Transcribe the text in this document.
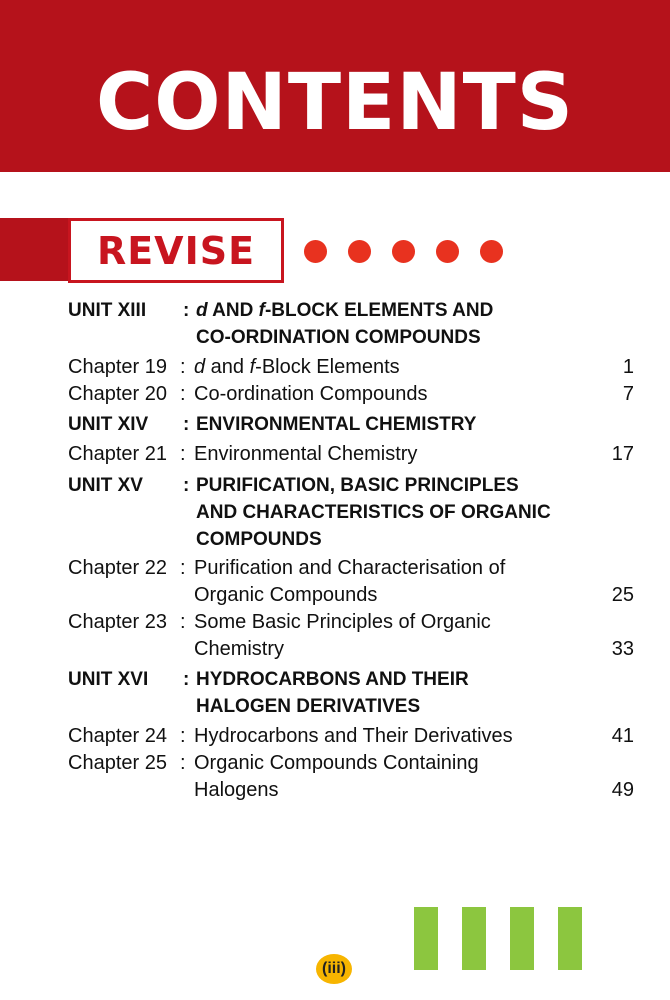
CONTENTS
REVISE
UNIT XIII : d AND f-BLOCK ELEMENTS AND
CO-ORDINATION COMPOUNDS
Chapter 19 : d and f-Block Elements	1
Chapter 20 : Co-ordination Compounds	7
UNIT XIV : ENVIRONMENTAL CHEMISTRY
Chapter 21 : Environmental Chemistry	17
UNIT XV : PURIFICATION, BASIC PRINCIPLES
AND CHARACTERISTICS OF ORGANIC
COMPOUNDS
Chapter 22 : Purification and Characterisation of
Organic Compounds	25
Chapter 23 : Some Basic Principles of Organic
Chemistry	33
UNIT XVI : HYDROCARBONS AND THEIR
HALOGEN DERIVATIVES
Chapter 24 : Hydrocarbons and Their Derivatives	41
Chapter 25 : Organic Compounds Containing
Halogens	49
(iii)
